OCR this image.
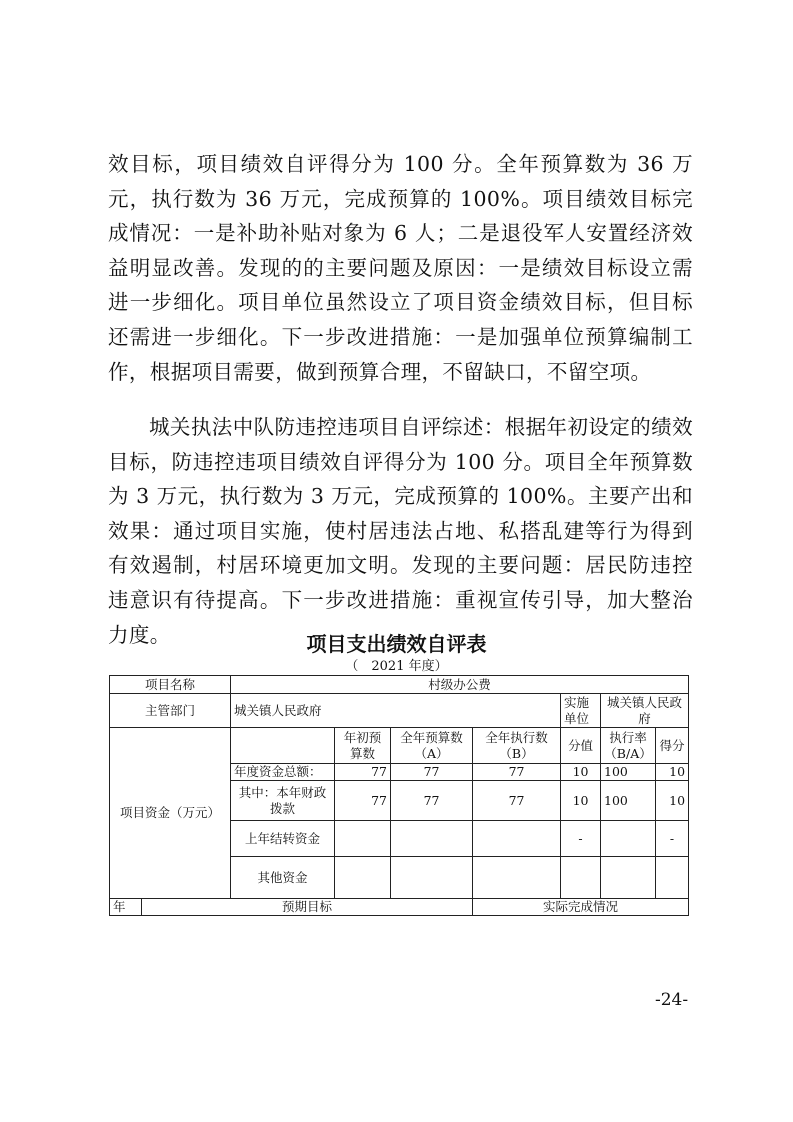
效目标，项目绩效自评得分为 100 分。全年预算数为 36 万元，执行数为 36 万元，完成预算的 100%。项目绩效目标完成情况：一是补助补贴对象为 6 人；二是退役军人安置经济效益明显改善。发现的的主要问题及原因：一是绩效目标设立需进一步细化。项目单位虽然设立了项目资金绩效目标，但目标还需进一步细化。下一步改进措施：一是加强单位预算编制工作，根据项目需要，做到预算合理，不留缺口，不留空项。

城关执法中队防违控违项目自评综述：根据年初设定的绩效目标，防违控违项目绩效自评得分为 100 分。项目全年预算数为 3 万元，执行数为 3 万元，完成预算的 100%。主要产出和效果：通过项目实施，使村居违法占地、私搭乱建等行为得到有效遏制，村居环境更加文明。发现的主要问题：居民防违控违意识有待提高。下一步改进措施：重视宣传引导，加大整治力度。	项目支出绩效自评表
（　2021 年度）
项目名称		村级办公费						
主管部门		城关镇人民政府				实施单位	城关镇人民政府	
项目资金（万元）			年初预算数	全年预算数（A）	全年执行数（B）	分值	执行率（B/A）	得分
		年度资金总额：	77	77	77	10	100	10
		其中：本年财政拨款	77	77	77	10	100	10
		上年结转资金				-		-
		其他资金						
年	预期目标				实际完成情况			
-24-
